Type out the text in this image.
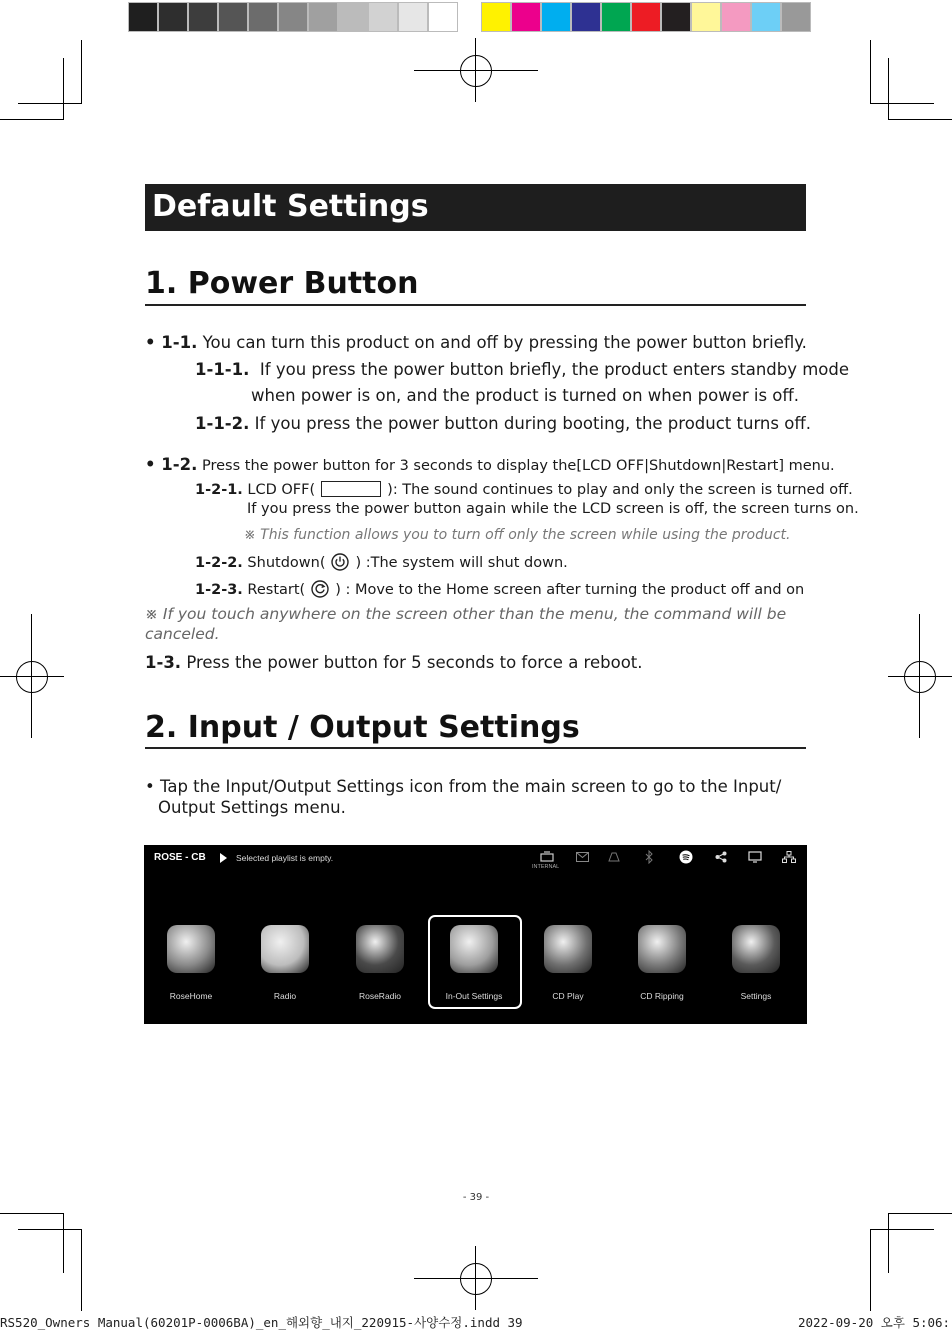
Default Settings
1. Power Button
• 1-1. You can turn this product on and off by pressing the power button briefly.
1-1-1. If you press the power button briefly, the product enters standby mode
when power is on, and the product is turned on when power is off.
1-1-2. If you press the power button during booting, the product turns off.
• 1-2. Press the power button for 3 seconds to display the[LCD OFF|Shutdown|Restart] menu.
1-2-1. LCD OFF(	): The sound continues to play and only the screen is turned off.
If you press the power button again while the LCD screen is off, the screen turns on.
※ This function allows you to turn off only the screen while using the product.
1-2-2. Shutdown( ) :The system will shut down.
1-2-3. Restart( ) : Move to the Home screen after turning the product off and on
※ If you touch anywhere on the screen other than the menu, the command will be
canceled.
1-3. Press the power button for 5 seconds to force a reboot.
2. Input / Output Settings
• Tap the Input/Output Settings icon from the main screen to go to the Input/
Output Settings menu.
ROSE - CB	Selected playlist is empty.
INTERNAL
RoseHome	Radio	RoseRadio	In-Out Settings	CD Play	CD Ripping	Settings
- 39 -
RS520_Owners Manual(60201P-0006BA)_en_해외향_내지_220915-사양수정.indd 39	2022-09-20 오후 5:06:
